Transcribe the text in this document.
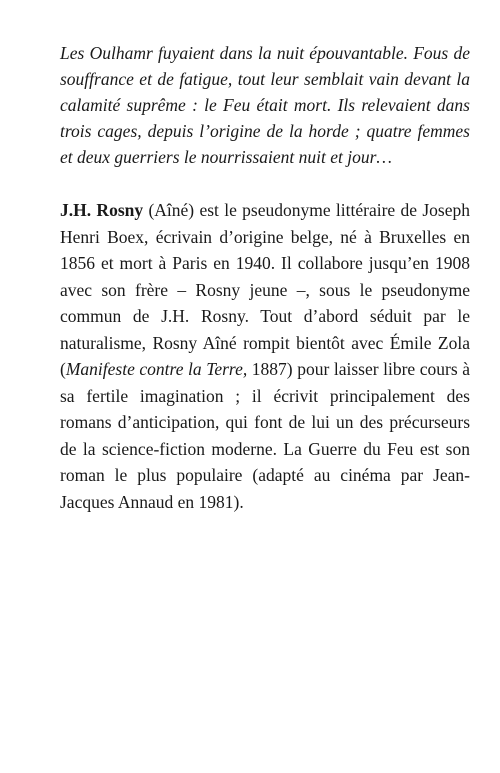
Les Oulhamr fuyaient dans la nuit épouvantable. Fous de souffrance et de fatigue, tout leur semblait vain devant la calamité suprême : le Feu était mort. Ils relevaient dans trois cages, depuis l’origine de la horde ; quatre femmes et deux guerriers le nourrissaient nuit et jour…

J.H. Rosny (Aîné) est le pseudonyme littéraire de Joseph Henri Boex, écrivain d’origine belge, né à Bruxelles en 1856 et mort à Paris en 1940. Il collabore jusqu’en 1908 avec son frère – Rosny jeune –, sous le pseudonyme commun de J.H. Rosny. Tout d’abord séduit par le naturalisme, Rosny Aîné rompit bientôt avec Émile Zola (Manifeste contre la Terre, 1887) pour laisser libre cours à sa fertile imagination ; il écrivit principalement des romans d’anticipation, qui font de lui un des précurseurs de la science-fiction moderne. La Guerre du Feu est son roman le plus populaire (adapté au cinéma par Jean-Jacques Annaud en 1981).
